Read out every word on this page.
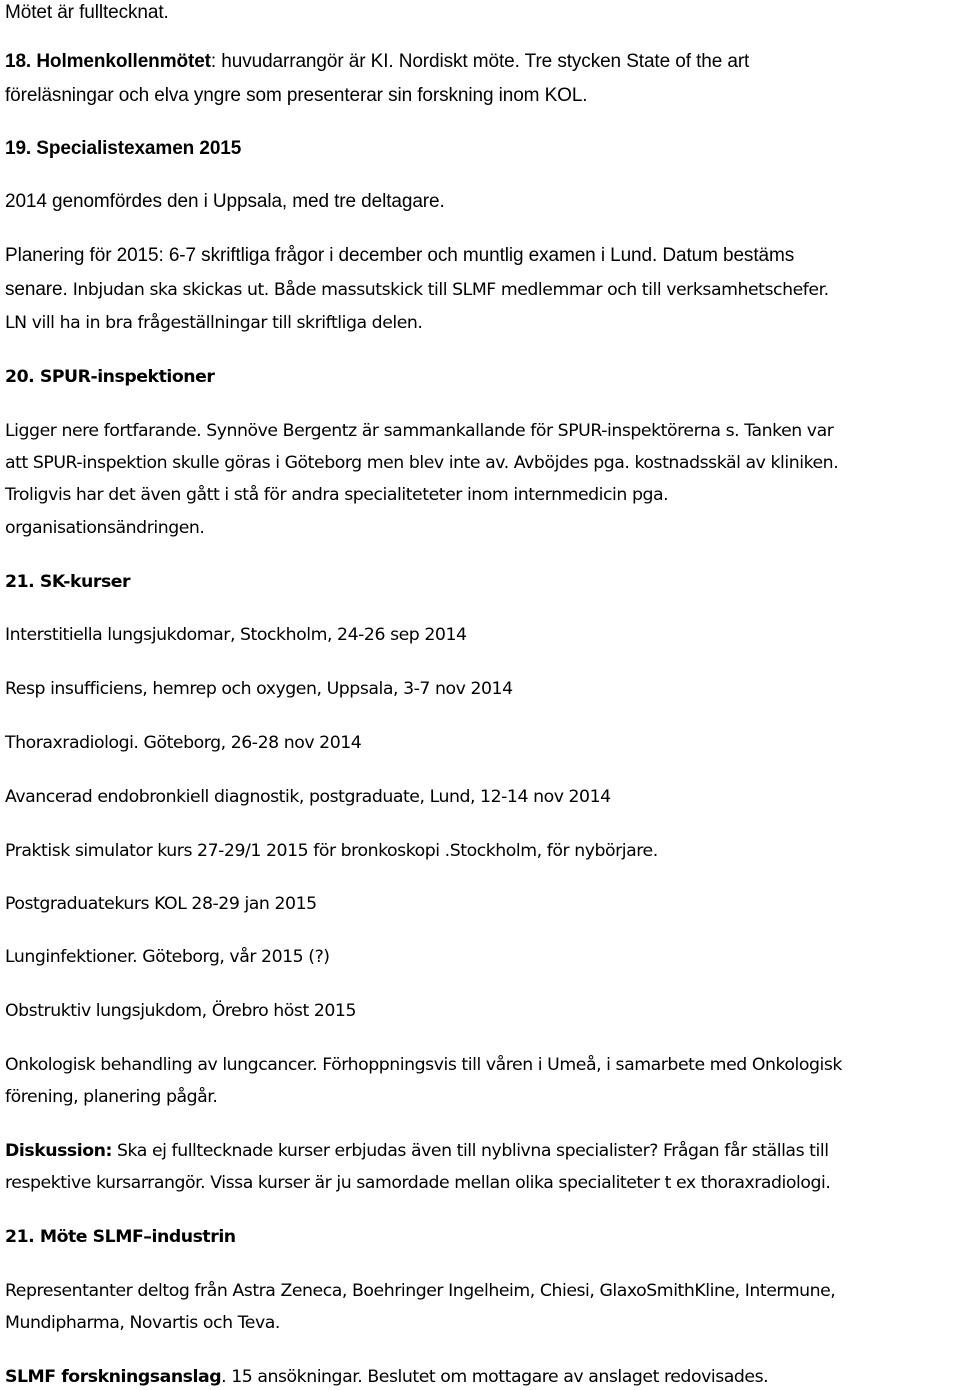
Mötet är fulltecknat.
18. Holmenkollenmötet: huvudarrangör är KI. Nordiskt möte. Tre stycken State of the art
föreläsningar och elva yngre som presenterar sin forskning inom KOL.
19. Specialistexamen 2015
2014 genomfördes den i Uppsala, med tre deltagare.
Planering för 2015: 6-7 skriftliga frågor i december och muntlig examen i Lund. Datum bestäms
senare. Inbjudan ska skickas ut. Både massutskick till SLMF medlemmar och till verksamhetschefer.
LN vill ha in bra frågeställningar till skriftliga delen.
20. SPUR-inspektioner
Ligger nere fortfarande. Synnöve Bergentz är sammankallande för SPUR-inspektörerna s. Tanken var
att SPUR-inspektion skulle göras i Göteborg men blev inte av. Avböjdes pga. kostnadsskäl av kliniken.
Troligvis har det även gått i stå för andra specialiteteter inom internmedicin pga.
organisationsändringen.
21. SK-kurser
Interstitiella lungsjukdomar, Stockholm, 24-26 sep 2014
Resp insufficiens, hemrep och oxygen, Uppsala, 3-7 nov 2014
Thoraxradiologi. Göteborg, 26-28 nov 2014
Avancerad endobronkiell diagnostik, postgraduate, Lund, 12-14 nov 2014
Praktisk simulator kurs 27-29/1 2015 för bronkoskopi .Stockholm, för nybörjare.
Postgraduatekurs KOL 28-29 jan 2015
Lunginfektioner. Göteborg, vår 2015 (?)
Obstruktiv lungsjukdom, Örebro höst 2015
Onkologisk behandling av lungcancer. Förhoppningsvis till våren i Umeå, i samarbete med Onkologisk
förening, planering pågår.
Diskussion: Ska ej fulltecknade kurser erbjudas även till nyblivna specialister? Frågan får ställas till
respektive kursarrangör. Vissa kurser är ju samordade mellan olika specialiteter t ex thoraxradiologi.
21. Möte SLMF–industrin
Representanter deltog från Astra Zeneca, Boehringer Ingelheim, Chiesi, GlaxoSmithKline, Intermune,
Mundipharma, Novartis och Teva.
SLMF forskningsanslag. 15 ansökningar. Beslutet om mottagare av anslaget redovisades.
